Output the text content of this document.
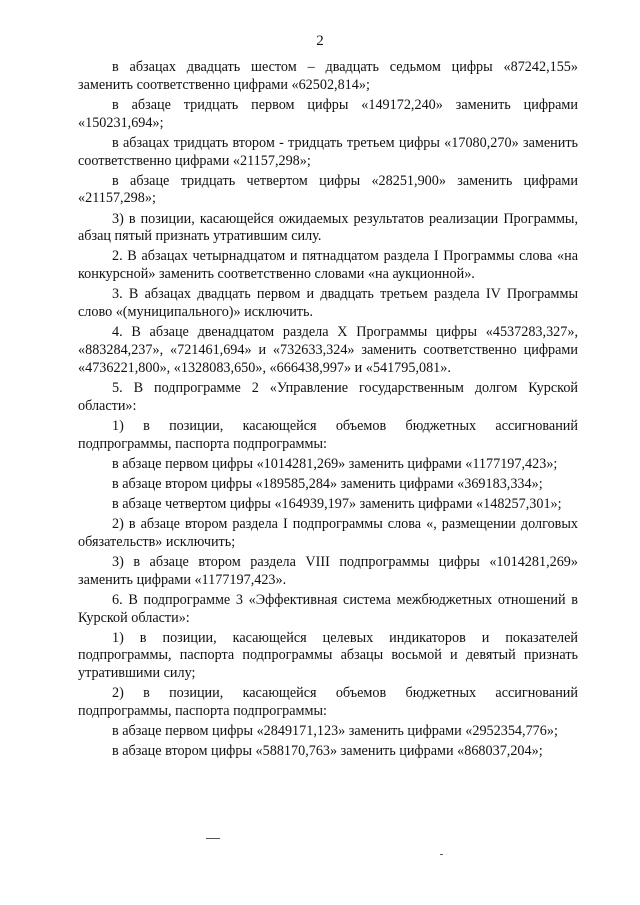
2

в абзацах двадцать шестом – двадцать седьмом цифры «87242,155» заменить соответственно цифрами «62502,814»;

в абзаце тридцать первом цифры «149172,240» заменить цифрами «150231,694»;

в абзацах тридцать втором - тридцать третьем цифры «17080,270» заменить соответственно цифрами «21157,298»;

в абзаце тридцать четвертом цифры «28251,900» заменить цифрами «21157,298»;

3) в позиции, касающейся ожидаемых результатов реализации Программы, абзац пятый признать утратившим силу.

2. В абзацах четырнадцатом и пятнадцатом раздела I Программы слова «на конкурсной» заменить соответственно словами «на аукционной».

3. В абзацах двадцать первом и двадцать третьем раздела IV Программы слово «(муниципального)» исключить.

4. В абзаце двенадцатом раздела X Программы цифры «4537283,327», «883284,237», «721461,694» и «732633,324» заменить соответственно цифрами «4736221,800», «1328083,650», «666438,997» и «541795,081».

5. В подпрограмме 2 «Управление государственным долгом Курской области»:

1) в позиции, касающейся объемов бюджетных ассигнований подпрограммы, паспорта подпрограммы:

в абзаце первом цифры «1014281,269» заменить цифрами «1177197,423»;

в абзаце втором цифры «189585,284» заменить цифрами «369183,334»;

в абзаце четвертом цифры «164939,197» заменить цифрами «148257,301»;

2) в абзаце втором раздела I подпрограммы слова «, размещении долговых обязательств» исключить;

3) в абзаце втором раздела VIII подпрограммы цифры «1014281,269» заменить цифрами «1177197,423».

6. В подпрограмме 3 «Эффективная система межбюджетных отношений в Курской области»:

1) в позиции, касающейся целевых индикаторов и показателей подпрограммы, паспорта подпрограммы абзацы восьмой и девятый признать утратившими силу;

2) в позиции, касающейся объемов бюджетных ассигнований подпрограммы, паспорта подпрограммы:

в абзаце первом цифры «2849171,123» заменить цифрами «2952354,776»;

в абзаце втором цифры «588170,763» заменить цифрами «868037,204»;
